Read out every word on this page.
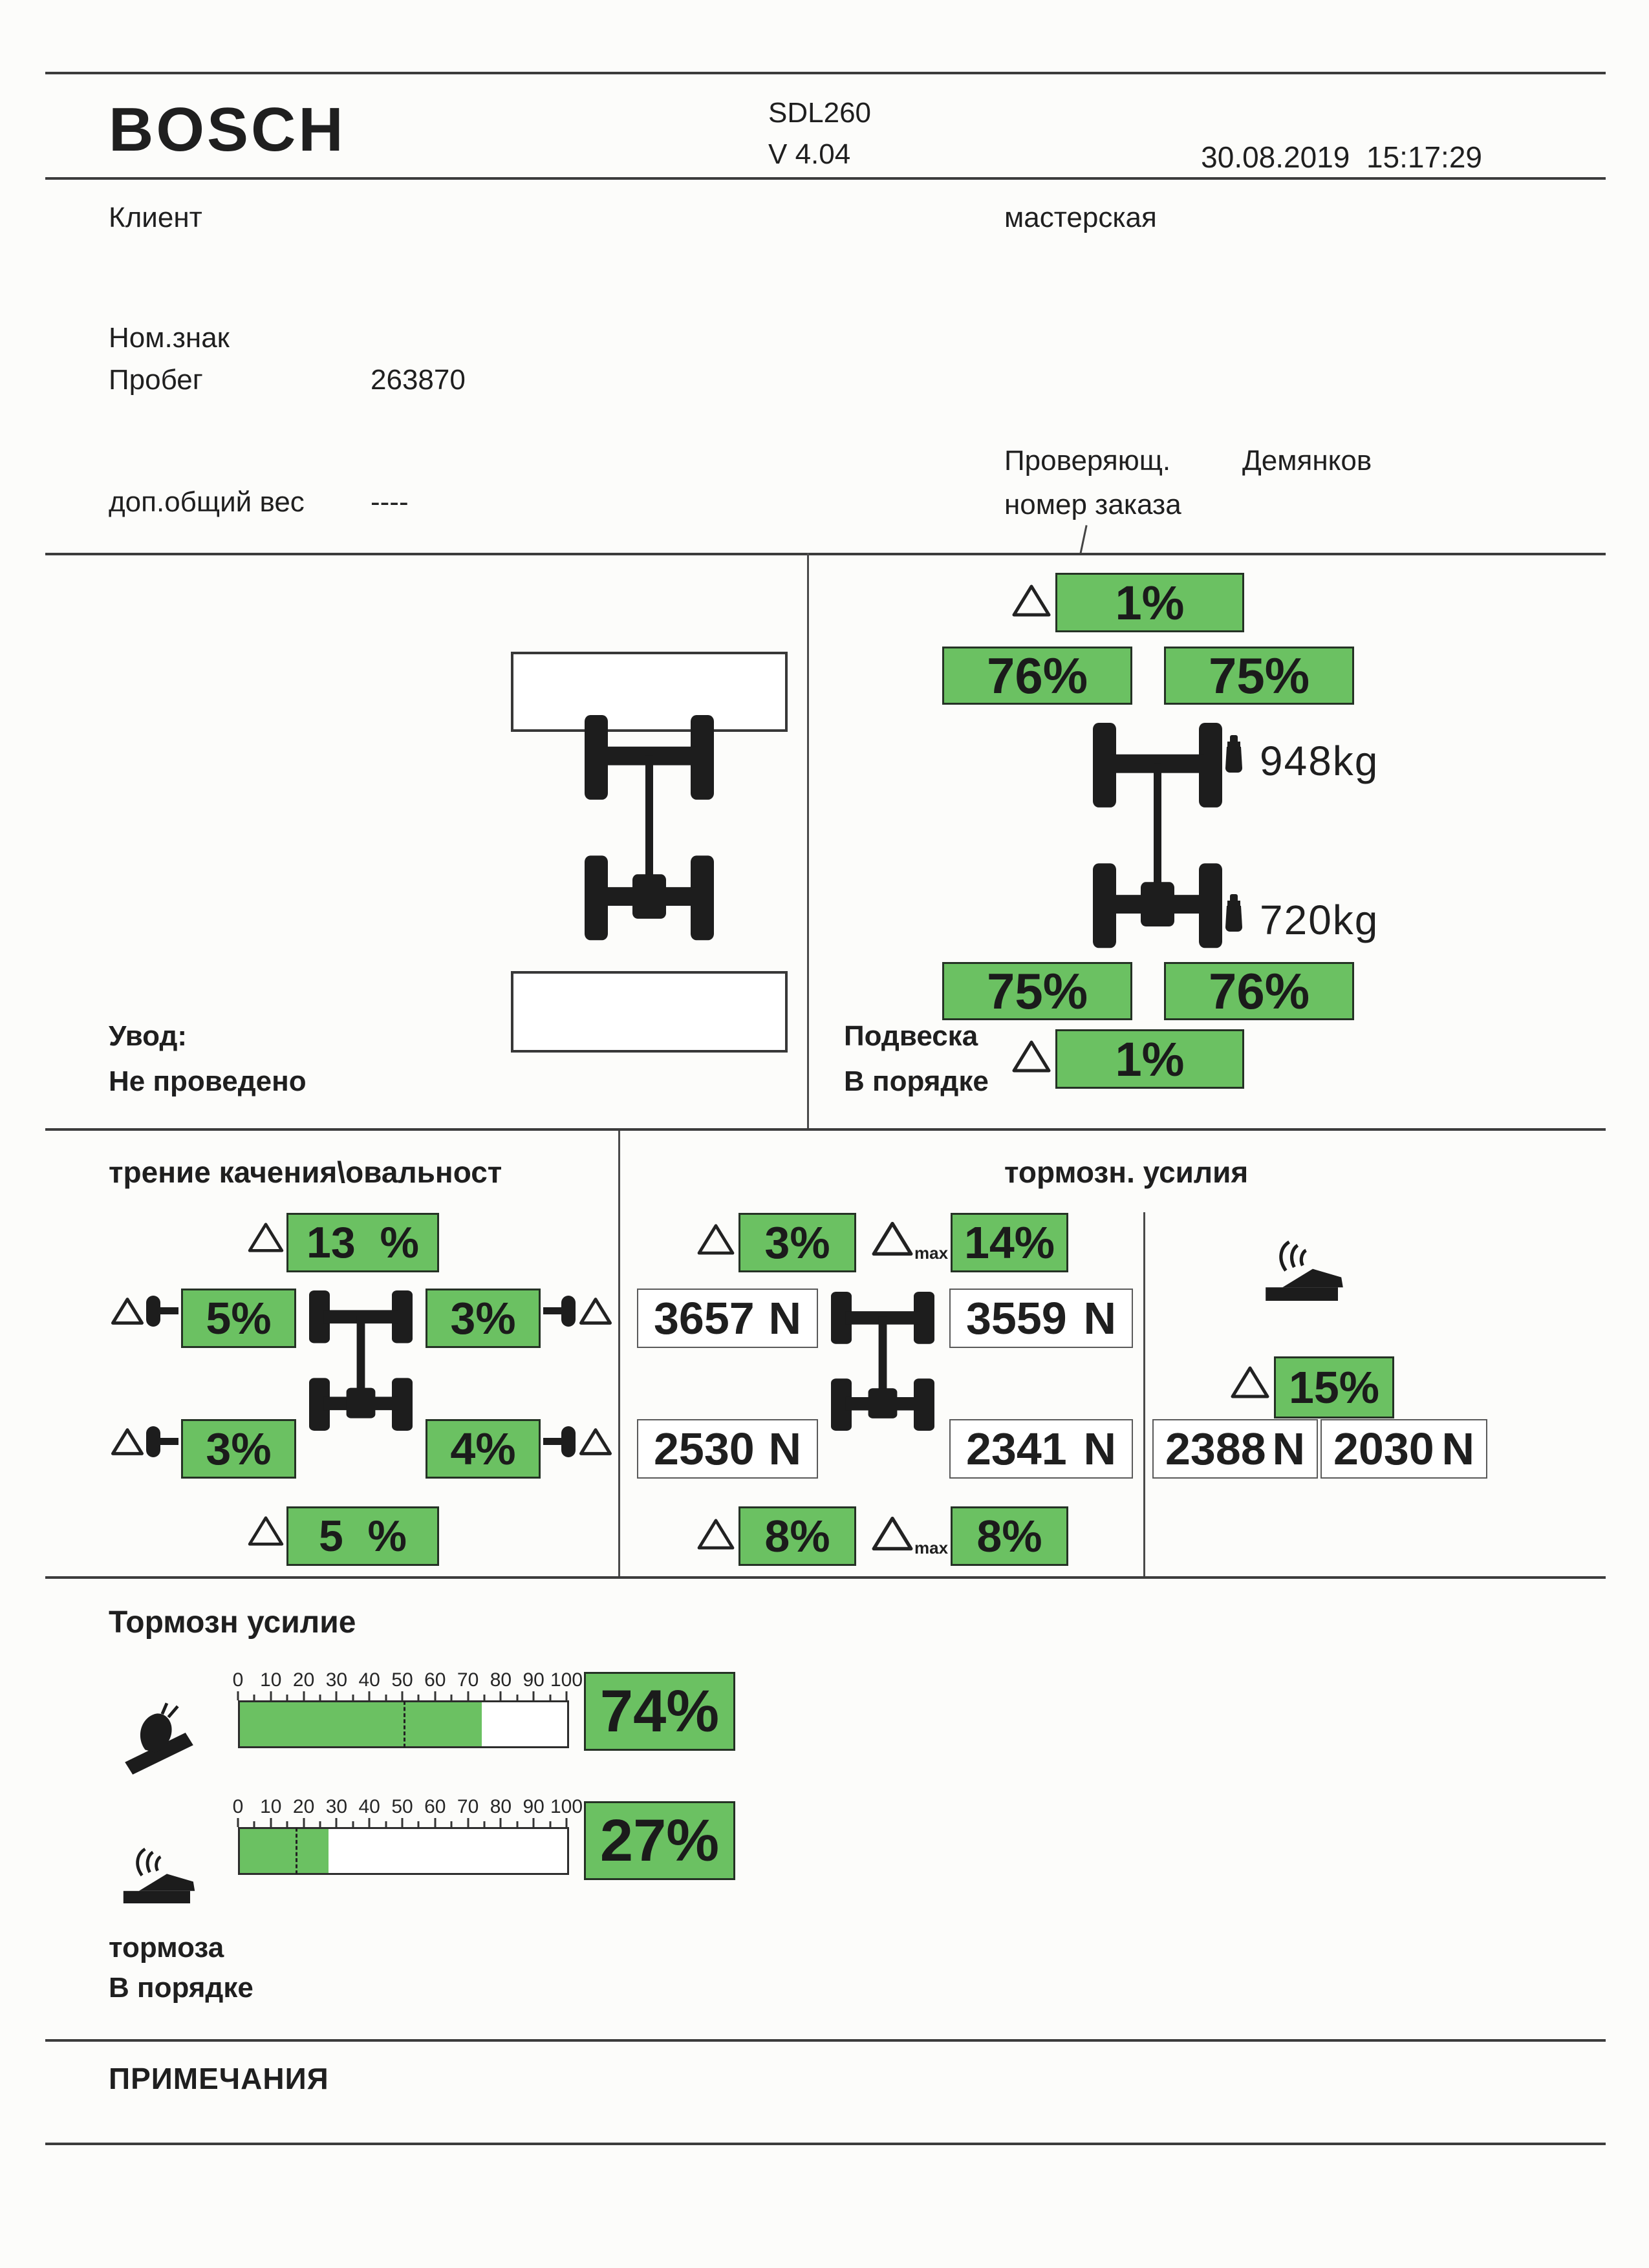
BOSCH	SDL260
V 4.04	30.08.2019  15:17:29
Клиент	мастерская
Ном.знак
Пробег	263870
Проверяющ.	Демянков
доп.общий вес ----	номер заказа
Увод:
Не проведено
1%
76%	75%
948kg
720kg
75%	76%
1%
Подвеска
В порядке
трение качения\овальност	тормозн. усилия
13  %
5%	3%
3%	4%
5  %
3%	max 14%
3657 N	3559 N
2530 N	2341 N
8%	max 8%
15%
2388 N 2030 N
Тормозн усилие
0 10 20 30 40 50 60 70 80 90 100 74%
0 10 20 30 40 50 60 70 80 90 100
27%
тормоза
В порядке
ПРИМЕЧАНИЯ
